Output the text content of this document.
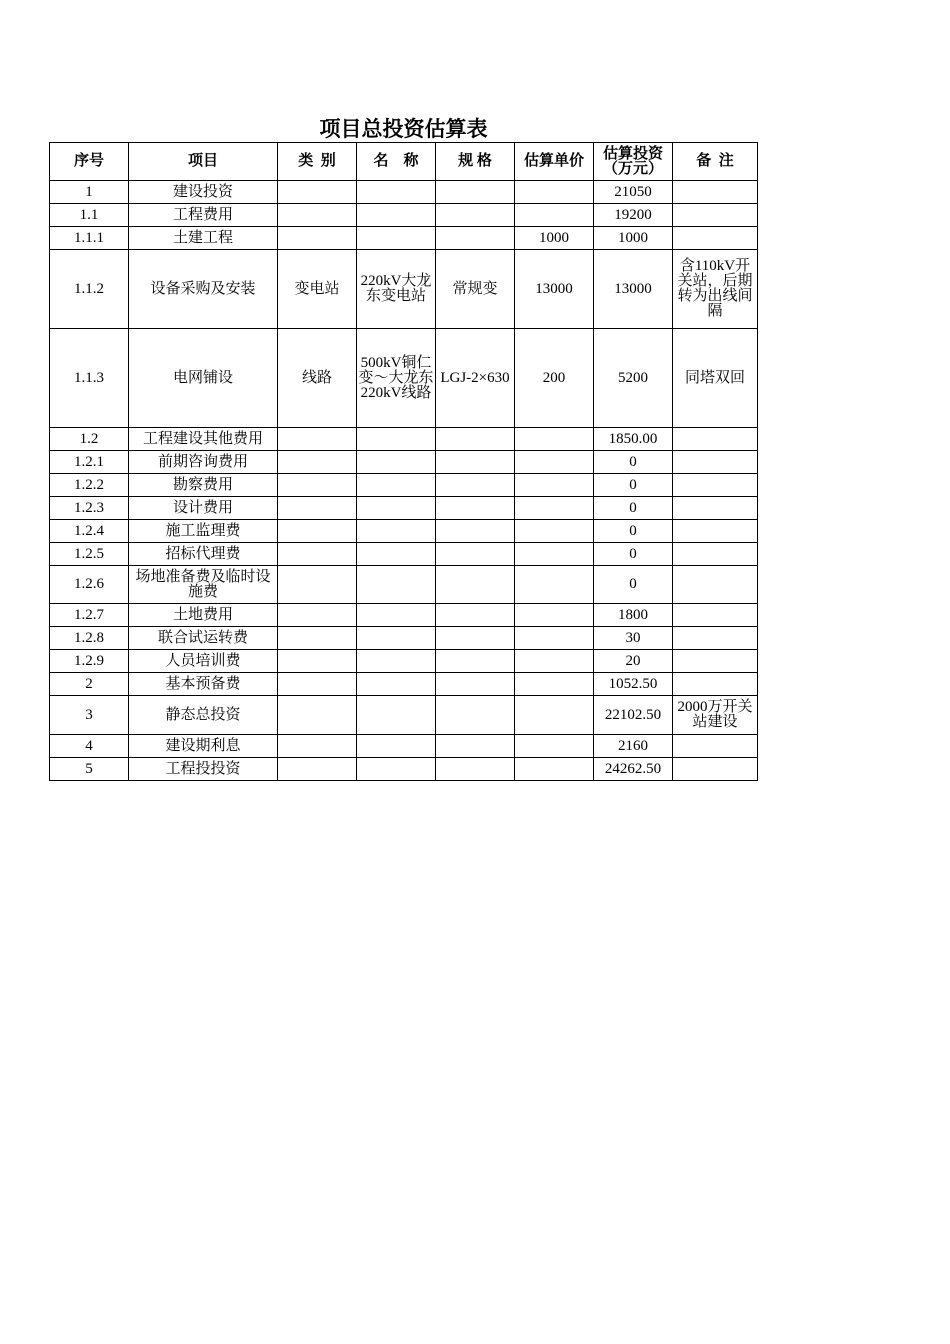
项目总投资估算表
序号	项目	类  别	名    称	规 格	估算单价	估算投资（万元）	备  注
1	建设投资					21050	
1.1	工程费用					19200	
1.1.1	土建工程				1000	1000	
1.1.2	设备采购及安装	变电站	220kV大龙东变电站	常规变	13000	13000	含110kV开关站，后期转为出线间隔
1.1.3	电网铺设	线路	500kV铜仁变～大龙东220kV线路	LGJ-2×630	200	5200	同塔双回
1.2	工程建设其他费用					1850.00	
1.2.1	前期咨询费用					0	
1.2.2	勘察费用					0	
1.2.3	设计费用					0	
1.2.4	施工监理费					0	
1.2.5	招标代理费					0	
1.2.6	场地准备费及临时设施费					0	
1.2.7	土地费用					1800	
1.2.8	联合试运转费					30	
1.2.9	人员培训费					20	
2	基本预备费					1052.50	
3	静态总投资					22102.50	2000万开关站建设
4	建设期利息					2160	
5	工程投投资					24262.50	
